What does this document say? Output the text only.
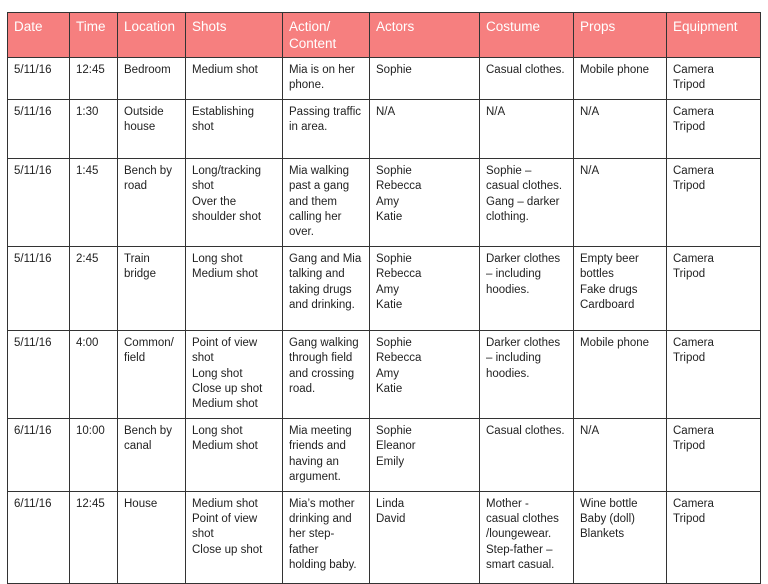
Date	Time	Location	Shots	Action/
Content	Actors	Costume	Props	Equipment
5/11/16	12:45	Bedroom	Medium shot	Mia is on her phone.	Sophie	Casual clothes.	Mobile phone	Camera
Tripod
5/11/16	1:30	Outside
house	Establishing
shot	Passing traffic
in area.	N/A	N/A	N/A	Camera
Tripod
5/11/16	1:45	Bench by
road	Long/tracking
shot
Over the
shoulder shot	Mia walking
past a gang
and them
calling her
over.	Sophie
Rebecca
Amy
Katie	Sophie –
casual clothes.
Gang – darker
clothing.	N/A	Camera
Tripod
5/11/16	2:45	Train
bridge	Long shot
Medium shot	Gang and Mia
talking and
taking drugs
and drinking.	Sophie
Rebecca
Amy
Katie	Darker clothes
– including
hoodies.	Empty beer
bottles
Fake drugs
Cardboard	Camera
Tripod
5/11/16	4:00	Common/
field	Point of view
shot
Long shot
Close up shot
Medium shot	Gang walking
through field
and crossing
road.	Sophie
Rebecca
Amy
Katie	Darker clothes
– including
hoodies.	Mobile phone	Camera
Tripod
6/11/16	10:00	Bench by
canal	Long shot
Medium shot	Mia meeting
friends and
having an
argument.	Sophie
Eleanor
Emily	Casual clothes.	N/A	Camera
Tripod
6/11/16	12:45	House	Medium shot
Point of view
shot
Close up shot	Mia’s mother
drinking and
her step-
father
holding baby.	Linda
David	Mother -
casual clothes
/loungewear.
Step-father –
smart casual.	Wine bottle
Baby (doll)
Blankets	Camera
Tripod
